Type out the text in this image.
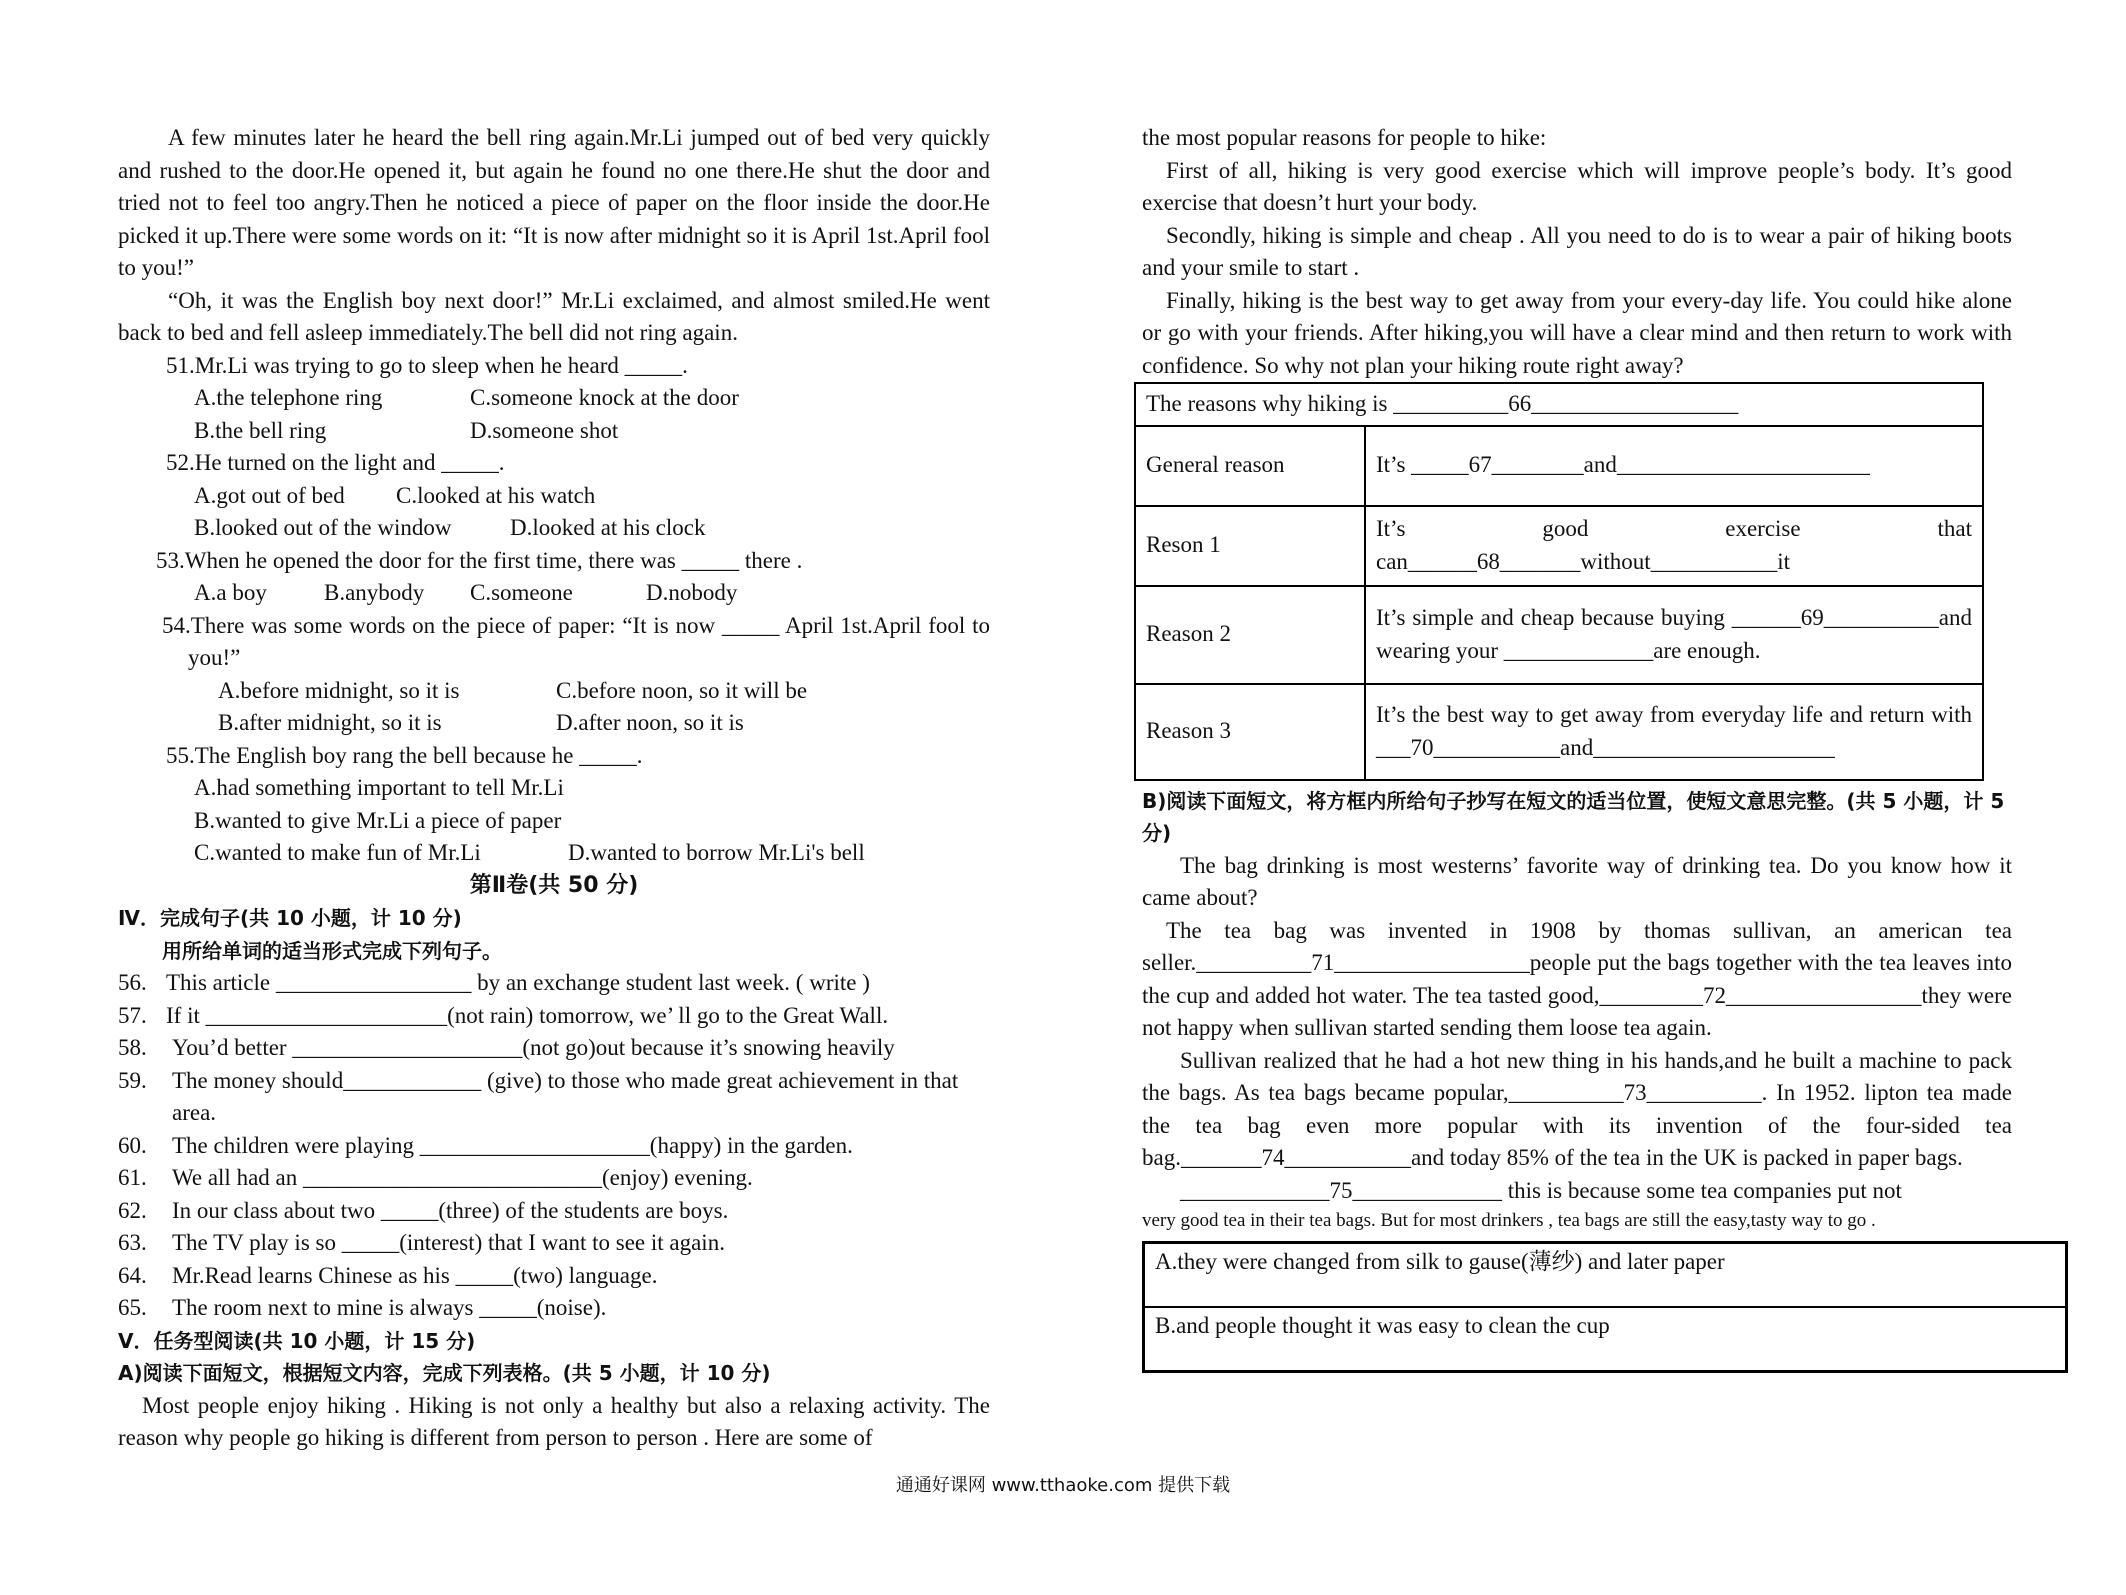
A few minutes later he heard the bell ring again.Mr.Li jumped out of bed very quickly and rushed to the door.He opened it, but again he found no one there.He shut the door and tried not to feel too angry.Then he noticed a piece of paper on the floor inside the door.He picked it up.There were some words on it: “It is now after midnight so it is April 1st.April fool to you!”

“Oh, it was the English boy next door!” Mr.Li exclaimed, and almost smiled.He went back to bed and fell asleep immediately.The bell did not ring again.

51.Mr.Li was trying to go to sleep when he heard _____.

A.the telephone ring	C.someone knock at the door
B.the bell ring	D.someone shot

52.He turned on the light and _____.

A.got out of bed C.looked at his watch
B.looked out of the window	D.looked at his clock

53.When he opened the door for the first time, there was _____ there .

A.a boy B.anybody C.someone	D.nobody

54.There was some words on the piece of paper: “It is now _____ April 1st.April fool to you!”

A.before midnight, so it is	C.before noon, so it will be
B.after midnight, so it is	D.after noon, so it is

55.The English boy rang the bell because he _____.

A.had something important to tell Mr.Li
B.wanted to give Mr.Li a piece of paper
C.wanted to make fun of Mr.Li	D.wanted to borrow Mr.Li's bell

第Ⅱ卷(共 50 分)

Ⅳ．完成句子(共 10 小题，计 10 分)

用所给单词的适当形式完成下列句子。

56. This article _________________ by an exchange student last week. ( write )
57. If it _____________________(not rain) tomorrow, we’ ll go to the Great Wall.
58.	You’d better ____________________(not go)out because it’s snowing heavily
59.	The money should____________ (give) to those who made great achievement in that area.
60.	The children were playing ____________________(happy) in the garden.
61.	We all had an __________________________(enjoy) evening.
62.	In our class about two _____(three) of the students are boys.
63.	The TV play is so _____(interest) that I want to see it again.
64.	Mr.Read learns Chinese as his _____(two) language.
65.	The room next to mine is always _____(noise).

Ⅴ．任务型阅读(共 10 小题，计 15 分)

A)阅读下面短文，根据短文内容，完成下列表格。(共 5 小题，计 10 分)

Most people enjoy hiking . Hiking is not only a healthy but also a relaxing activity. The reason why people go hiking is different from person to person . Here are some of

the most popular reasons for people to hike:

First of all, hiking is very good exercise which will improve people’s body. It’s good exercise that doesn’t hurt your body.

Secondly, hiking is simple and cheap . All you need to do is to wear a pair of hiking boots and your smile to start .

Finally, hiking is the best way to get away from your every-day life. You could hike alone or go with your friends. After hiking,you will have a clear mind and then return to work with confidence. So why not plan your hiking route right away?

The reasons why hiking is __________66__________________	
General reason	It’s _____67________and______________________
Reson 1	It’s good exercise that can______68_______without___________it
Reason 2	It’s simple and cheap because buying ______69__________and wearing your _____________are enough.
Reason 3	It’s the best way to get away from everyday life and return with ___70___________and_____________________

B)阅读下面短文，将方框内所给句子抄写在短文的适当位置，使短文意思完整。(共 5 小题，计 5 分)

The bag drinking is most westerns’ favorite way of drinking tea. Do you know how it came about?

The tea bag was invented in 1908 by thomas sullivan, an american tea seller.__________71_________________people put the bags together with the tea leaves into the cup and added hot water. The tea tasted good,_________72_________________they were not happy when sullivan started sending them loose tea again.

Sullivan realized that he had a hot new thing in his hands,and he built a machine to pack the bags. As tea bags became popular,__________73__________. In 1952. lipton tea made the tea bag even more popular with its invention of the four-sided tea bag._______74___________and today 85% of the tea in the UK is packed in paper bags.

_____________75_____________ this is because some tea companies put not

very good tea in their tea bags. But for most drinkers , tea bags are still the easy,tasty way to go .

A.they were changed from silk to gause(薄纱) and later paper
B.and people thought it was easy to clean the cup
通通好课网 www.tthaoke.com 提供下载
